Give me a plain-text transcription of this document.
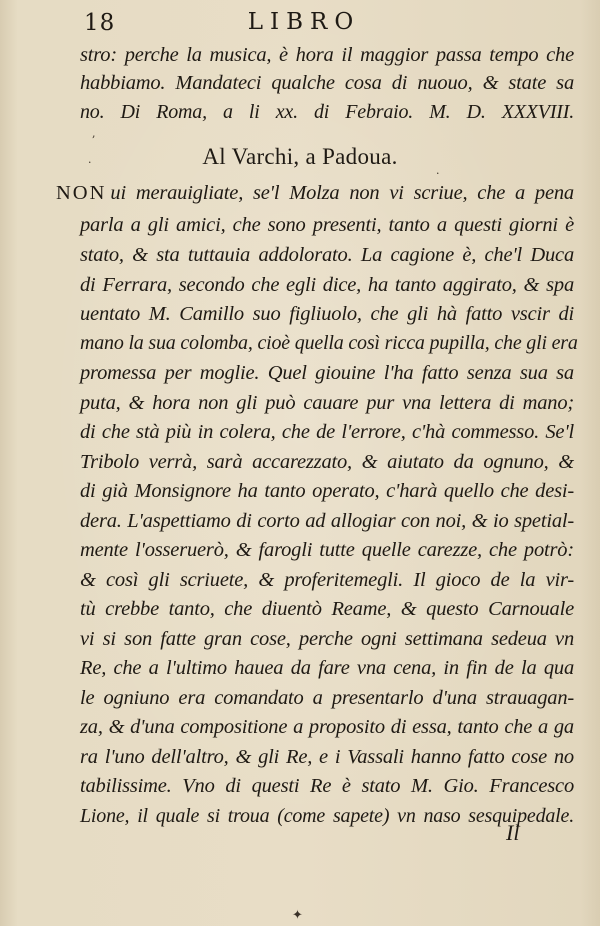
18	LIBRO
stro: perche la musica, è hora il maggior passa tempo che
habbiamo. Mandateci qualche cosa di nuouo, & state sa
no. Di Roma, a li xx. di Febraio. M. D. XXXVIII.
Al Varchi, a Padoua.
NON ui merauigliate, se'l Molza non vi scriue, che a pena
parla a gli amici, che sono presenti, tanto a questi giorni è
stato, & sta tuttauia addolorato. La cagione è, che'l Duca
di Ferrara, secondo che egli dice, ha tanto aggirato, & spa
uentato M. Camillo suo figliuolo, che gli hà fatto vscir di
mano la sua colomba, cioè quella così ricca pupilla, che gli era
promessa per moglie. Quel giouine l'ha fatto senza sua sa
puta, & hora non gli può cauare pur vna lettera di mano;
di che stà più in colera, che de l'errore, c'hà commesso. Se'l
Tribolo verrà, sarà accarezzato, & aiutato da ognuno, &
di già Monsignore ha tanto operato, c'harà quello che desi-
dera. L'aspettiamo di corto ad allogiar con noi, & io spetial-
mente l'osseruerò, & farogli tutte quelle carezze, che potrò:
& così gli scriuete, & proferitemegli. Il gioco de la vir-
tù crebbe tanto, che diuentò Reame, & questo Carnouale
vi si son fatte gran cose, perche ogni settimana sedeua vn
Re, che a l'ultimo hauea da fare vna cena, in fin de la qua
le ogniuno era comandato a presentarlo d'una strauagan-
za, & d'una compositione a proposito di essa, tanto che a ga
ra l'uno dell'altro, & gli Re, e i Vassali hanno fatto cose no
tabilissime. Vno di questi Re è stato M. Gio. Francesco
Lione, il quale si troua (come sapete) vn naso sesquipedale.
Il
,
·
·
✦
